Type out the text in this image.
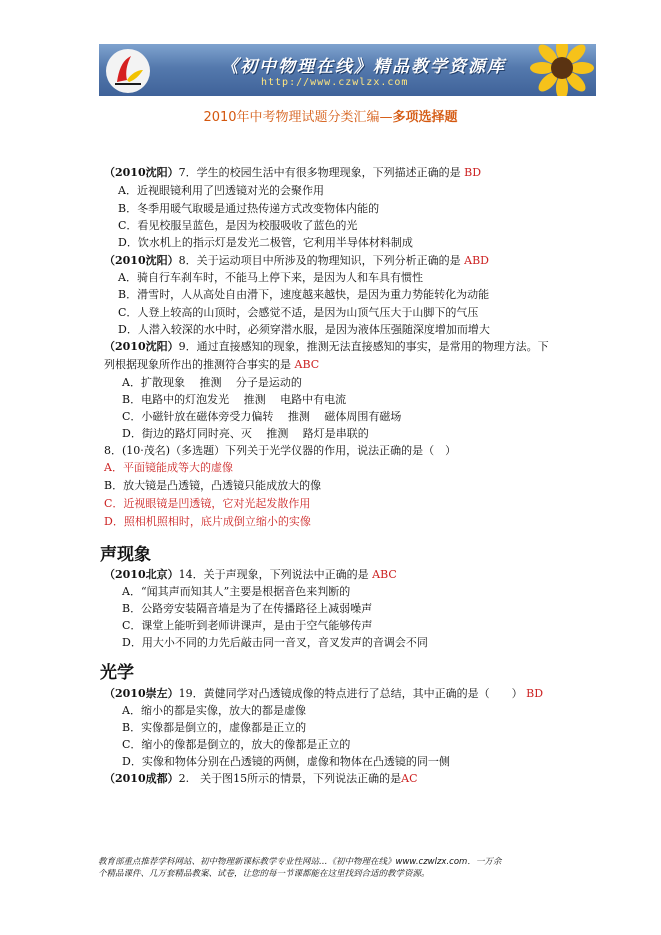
《初中物理在线》精品教学资源库
http://www.czwlzx.com
2010年中考物理试题分类汇编—多项选择题
（2010沈阳）7．学生的校园生活中有很多物理现象，下列描述正确的是 BD
A．近视眼镜利用了凹透镜对光的会聚作用
B．冬季用暖气取暖是通过热传递方式改变物体内能的
C．看见校服呈蓝色，是因为校服吸收了蓝色的光
D．饮水机上的指示灯是发光二极管，它利用半导体材料制成
（2010沈阳）8．关于运动项目中所涉及的物理知识，下列分析正确的是 ABD
A．骑自行车刹车时，不能马上停下来，是因为人和车具有惯性
B．滑雪时，人从高处自由滑下，速度越来越快，是因为重力势能转化为动能
C．人登上较高的山顶时，会感觉不适，是因为山顶气压大于山脚下的气压
D．人潜入较深的水中时，必须穿潜水服，是因为液体压强随深度增加而增大
（2010沈阳）9．通过直接感知的现象，推测无法直接感知的事实，是常用的物理方法。下
列根据现象所作出的推测符合事实的是 ABC
A．扩散现象　 推测　 分子是运动的
B．电路中的灯泡发光　 推测　 电路中有电流
C．小磁针放在磁体旁受力偏转　 推测　 磁体周围有磁场
D．街边的路灯同时亮、灭　 推测　 路灯是串联的
8．(10·茂名)（多选题）下列关于光学仪器的作用，说法正确的是（　）
A．平面镜能成等大的虚像
B．放大镜是凸透镜，凸透镜只能成放大的像
C．近视眼镜是凹透镜，它对光起发散作用
D．照相机照相时，底片成倒立缩小的实像
声现象
（2010北京）14．关于声现象，下列说法中正确的是 ABC
A．“闻其声而知其人”主要是根据音色来判断的
B．公路旁安装隔音墙是为了在传播路径上减弱噪声
C．课堂上能听到老师讲课声，是由于空气能够传声
D．用大小不同的力先后敲击同一音叉，音叉发声的音调会不同
光学
（2010崇左）19．黄健同学对凸透镜成像的特点进行了总结，其中正确的是（　　） BD
A．缩小的都是实像，放大的都是虚像
B．实像都是倒立的，虚像都是正立的
C．缩小的像都是倒立的，放大的像都是正立的
D．实像和物体分别在凸透镜的两侧，虚像和物体在凸透镜的同一侧
（2010成都）2.　关于图15所示的情景，下列说法正确的是AC
教育部重点推荐学科网站、初中物理新课标教学专业性网站…《初中物理在线》www.czwlzx.com．一万余
个精品课件、几万套精品教案、试卷，让您的每一节课都能在这里找到合适的教学资源。
